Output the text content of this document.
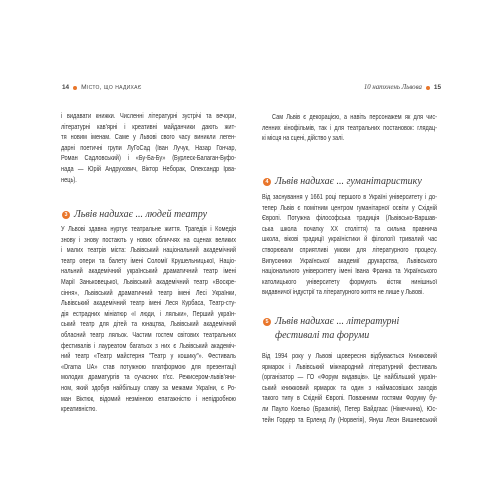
14 Місто, що надихає	10 натхнень Львова 15
і видавати книжки. Численні літературні зустрічі та вечори,
літературні кав’ярні і креативні майданчики дають жит-
тя новим іменам. Саме у Львові свого часу виникли леген-
дарні поетичні групи ЛуГоСад (Іван Лучук, Назар Гончар,
Роман Садловський) і «Бу-Ба-Бу» (Бурлеск-Балаган-Буфо-
нада — Юрій Андрухович, Віктор Неборак, Олександр Ірва-
нець).
3 Львів надихає ... людей театру
У Львові здавна нуртує театральне життя. Трагедія і Комедія
знову і знову постають у нових обличчях на сценах великих
і малих театрів міста: Львівський національний академічний
театр опери та балету імені Соломії Крушельницької, Націо-
нальний академічний український драматичний театр імені
Марії Заньковецької, Львівський академічний театр «Воскре-
сіння», Львівський драматичний театр імені Лесі Українки,
Львівський академічний театр імені Леся Курбаса, Театр-сту-
дія естрадних мініатюр «І люди, і ляльки», Перший україн-
ський театр для дітей та юнацтва, Львівський академічний
обласний театр ляльок. Частим гостем світових театральних
фестивалів і лауреатом багатьох з них є Львівський академіч-
ний театр «Театр майстерня "Театр у кошику"». Фестиваль
«Drama UA» став потужною платформою для презентації
молодих драматургів та сучасних п’єс. Режисером-львів’яни-
ном, який здобув найбільшу славу за межами України, є Ро-
ман Віктюк, відомий незмінною епатажністю і непідробною
креативністю.
Сам Львів є декорацією, а навіть персонажем як для чис-
ленних кінофільмів, так і для театральних постановок: глядац-
кі місця на сцені, дійство у залі.
4 Львів надихає ... гуманітаристику
Від заснування у 1661 році першого в Україні університету і до-
тепер Львів є помітним центром гуманітарної освіти у Східній
Європі. Потужна філософська традиція (Львівсько-Варшав-
ська школа початку XX століття) та сильна правнича
школа, вікові традиції україністики й філології тривалий час
створювали сприятливі умови для літературного процесу.
Випускники Української академії друкарства, Львівського
національного університету імені Івана Франка та Українського
католицького університету формують кістяк нинішньої
видавничої індустрії та літературного життя не лише у Львові.
5 Львів надихає ... літературні
фестивалі та форуми
Від 1994 року у Львові щовересня відбувається Книжковий
ярмарок і Львівський міжнародний літературний фестиваль
(організатор — ГО «Форум видавців». Це найбільший україн-
ський книжковий ярмарок та один з наймасовіших заходів
такого типу в Східній Європі. Поважними гостями Форуму бу-
ли Пауло Коельо (Бразилія), Петер Вайдгаас (Німеччина), Юс-
тейн Гордер та Ерленд Лу (Норвегія), Януш Леон Вишневський
